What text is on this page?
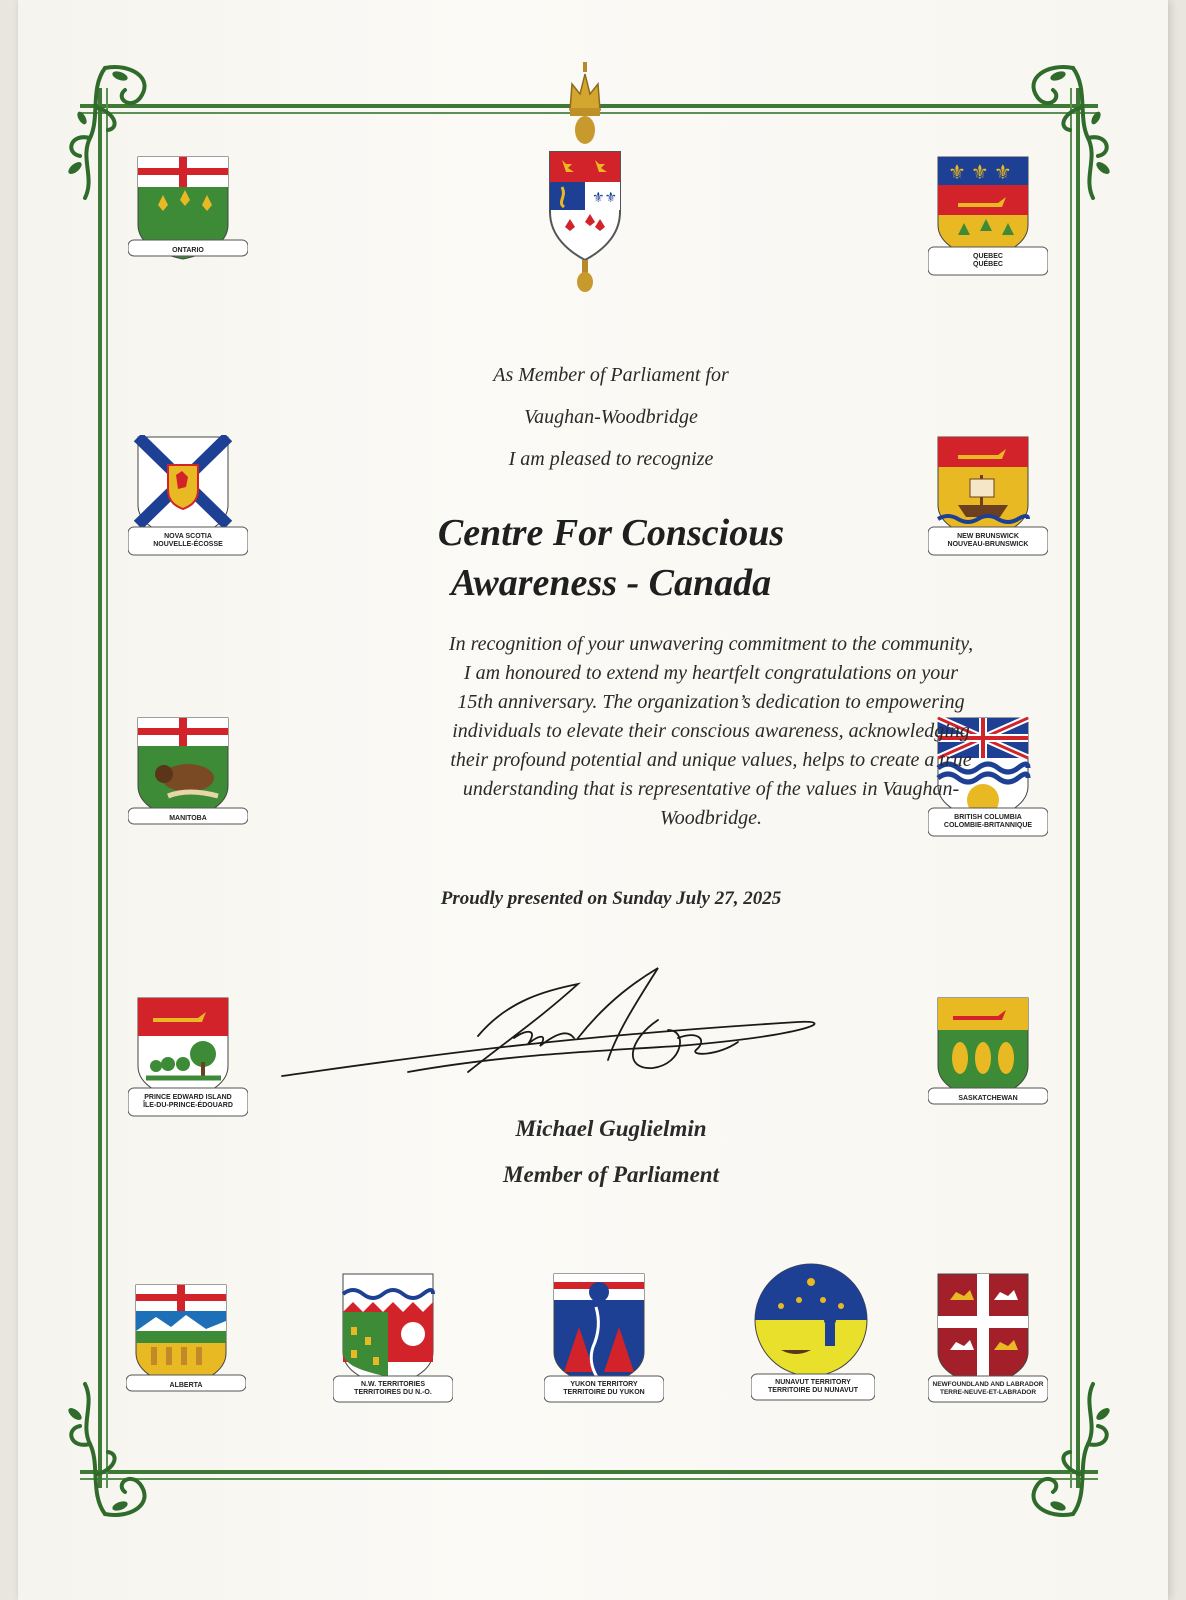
⚜⚜
ONTARIO
⚜ ⚜ ⚜
QUEBEC
QUÉBEC
NOVA SCOTIA
NOUVELLE-ÉCOSSE
NEW BRUNSWICK
NOUVEAU-BRUNSWICK
MANITOBA	BRITISH COLUMBIA
COLOMBIE-BRITANNIQUE
PRINCE EDWARD ISLAND
ÎLE-DU-PRINCE-ÉDOUARD
SASKATCHEWAN
ALBERTA	N.W. TERRITORIES
TERRITOIRES DU N.-O.
YUKON TERRITORY
TERRITOIRE DU YUKON
NUNAVUT TERRITORY
TERRITOIRE DU NUNAVUT
NEWFOUNDLAND AND LABRADOR
TERRE-NEUVE-ET-LABRADOR
As Member of Parliament for
Vaughan-Woodbridge
I am pleased to recognize
Centre For Conscious
Awareness - Canada
In recognition of your unwavering commitment to the community,
I am honoured to extend my heartfelt congratulations on your
15th anniversary. The organization’s dedication to empowering
individuals to elevate their conscious awareness, acknowledging
their profound potential and unique values, helps to create a true
understanding that is representative of the values in Vaughan-
Woodbridge.
Proudly presented on Sunday July 27, 2025
Michael Guglielmin
Member of Parliament
